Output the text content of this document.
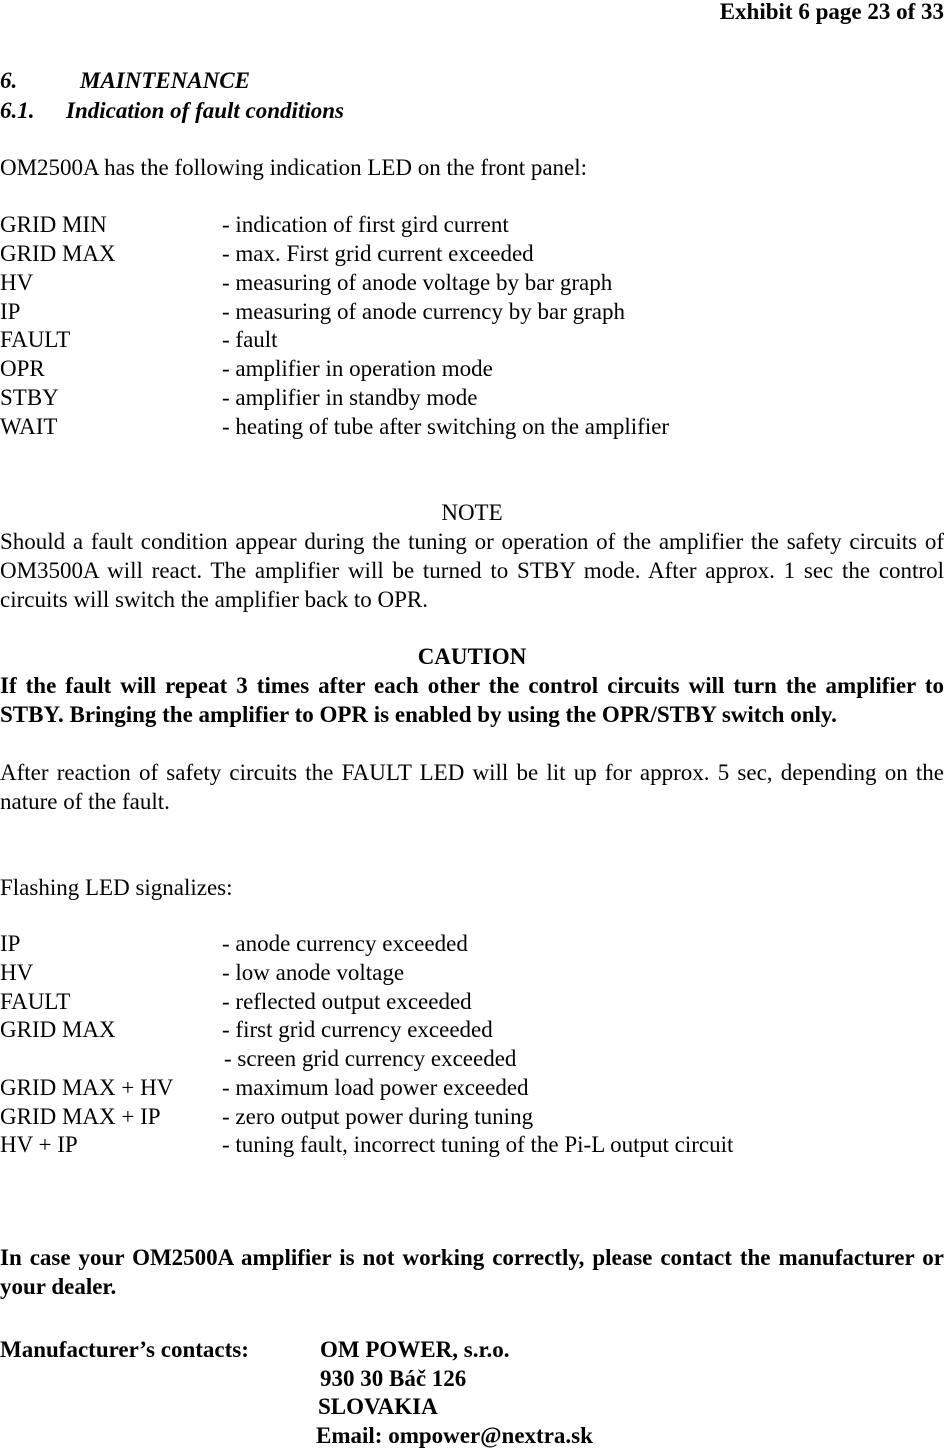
Exhibit 6 page 23 of 33
6.	MAINTENANCE
6.1. Indication of fault conditions
OM2500A has the following indication LED on the front panel:
GRID MIN	- indication of first gird current
GRID MAX	- max. First grid current exceeded
HV	- measuring of anode voltage by bar graph
IP	- measuring of anode currency by bar graph
FAULT	- fault
OPR	- amplifier in operation mode
STBY	- amplifier in standby mode
WAIT	- heating of tube after switching on the amplifier
NOTE
Should a fault condition appear during the tuning or operation of the amplifier the safety circuits of OM3500A will react. The amplifier will be turned to STBY mode. After approx. 1 sec the control circuits will switch the amplifier back to OPR.
CAUTION
If the fault will repeat 3 times after each other the control circuits will turn the amplifier to STBY. Bringing the amplifier to OPR is enabled by using the OPR/STBY switch only.
After reaction of safety circuits the FAULT LED will be lit up for approx. 5 sec, depending on the nature of the fault.
Flashing LED signalizes:
IP	- anode currency exceeded
HV	- low anode voltage
FAULT	- reflected output exceeded
GRID MAX	- first grid currency exceeded
- screen grid currency exceeded
GRID MAX + HV - maximum load power exceeded
GRID MAX + IP	- zero output power during tuning
HV + IP	- tuning fault, incorrect tuning of the Pi-L output circuit
In case your OM2500A amplifier is not working correctly, please contact the manufacturer or your dealer.
Manufacturer’s contacts:	OM POWER, s.r.o.
930 30 Báč 126
SLOVAKIA
Email: ompower@nextra.sk
